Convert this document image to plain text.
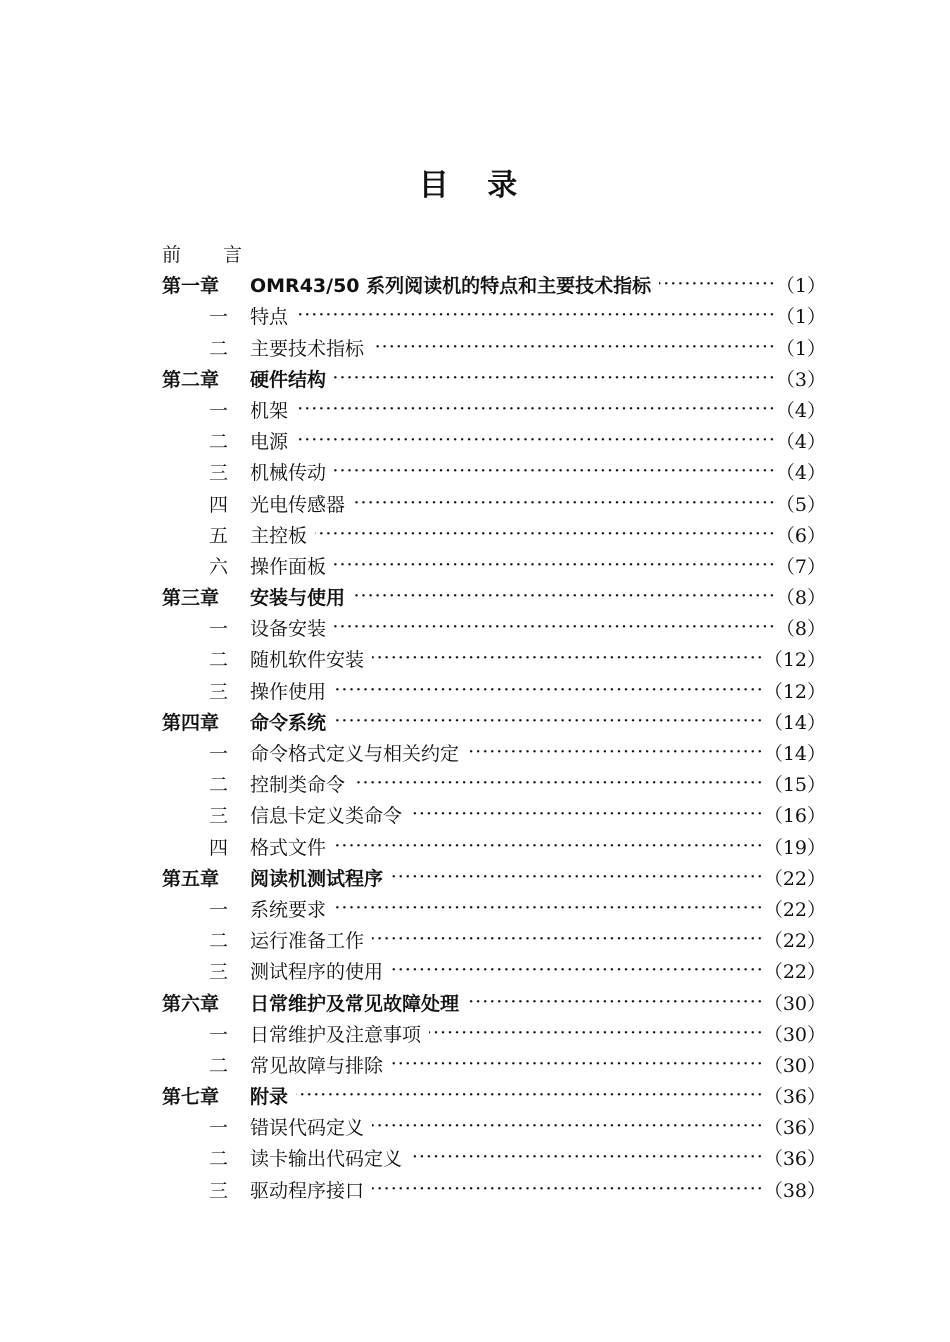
目 录
前 言
第一章	OMR43/50 系列阅读机的特点和主要技术指标 ·····	（1）
一	特点 ·····	（1）
二	主要技术指标 ·····	（1）
第二章	硬件结构 ·····	（3）
一	机架 ·····	（4）
二	电源 ·····	（4）
三	机械传动 ·····	（4）
四	光电传感器 ·····	（5）
五	主控板 ·····	（6）
六	操作面板 ·····	（7）
第三章	安装与使用 ·····	（8）
一	设备安装 ·····	（8）
二	随机软件安装 ·····	（12）
三	操作使用 ·····	（12）
第四章	命令系统 ·····	（14）
一	命令格式定义与相关约定 ·····	（14）
二	控制类命令 ·····	（15）
三	信息卡定义类命令 ·····	（16）
四	格式文件 ·····	（19）
第五章	阅读机测试程序 ·····	（22）
一	系统要求 ·····	（22）
二	运行准备工作 ·····	（22）
三	测试程序的使用 ·····	（22）
第六章	日常维护及常见故障处理 ·····	（30）
一	日常维护及注意事项 ·····	（30）
二	常见故障与排除 ·····	（30）
第七章	附录 ·····	（36）
一	错误代码定义 ·····	（36）
二	读卡输出代码定义 ·····	（36）
三	驱动程序接口 ·····	（38）
